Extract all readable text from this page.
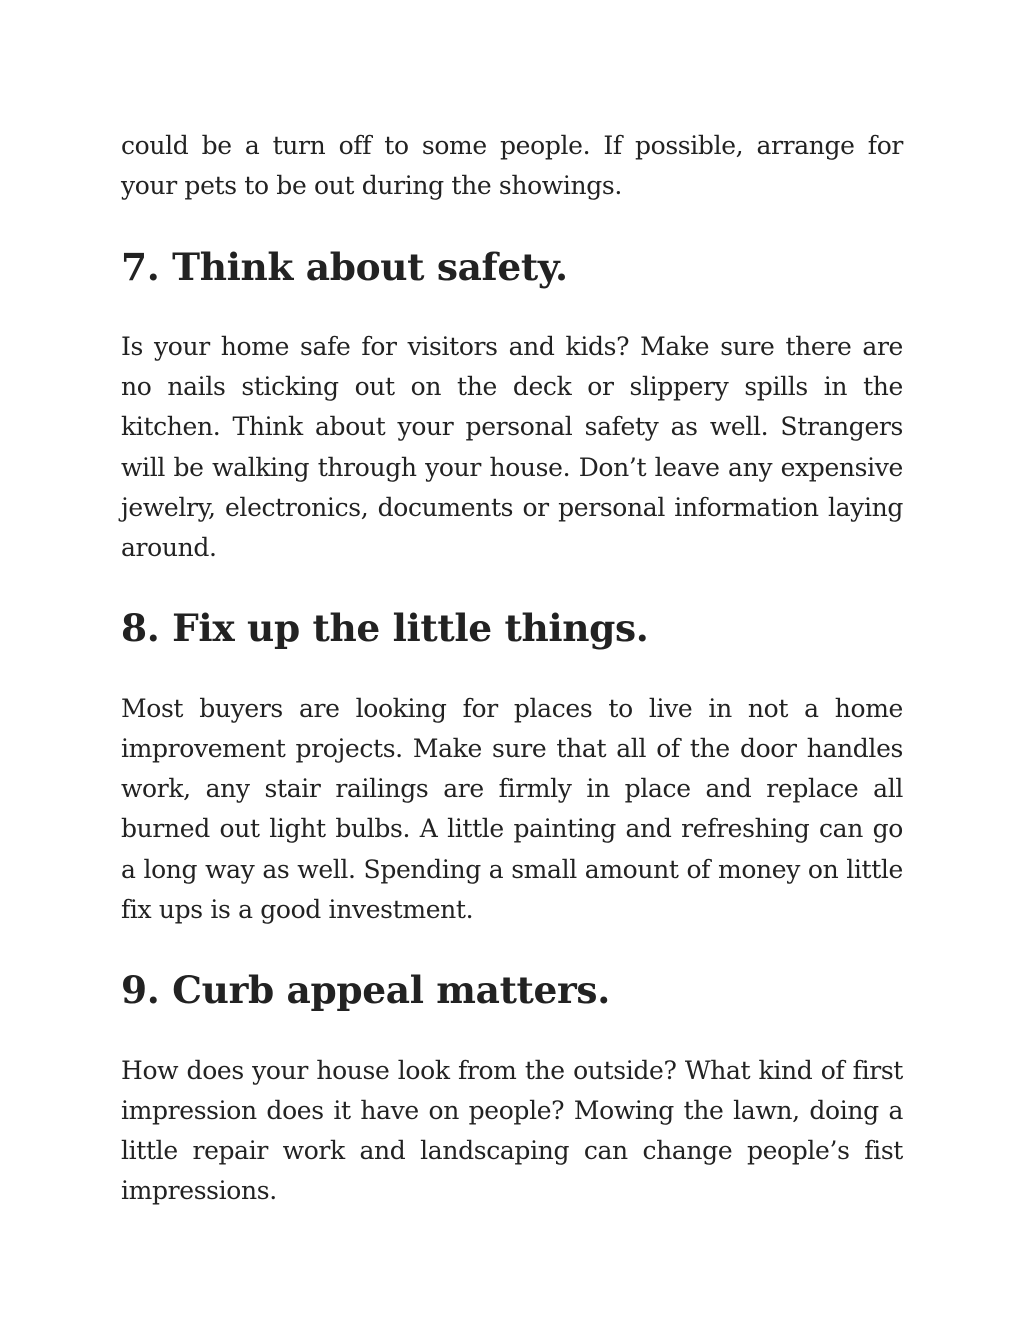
could be a turn off to some people. If possible, arrange for your pets to be out during the showings.

7. Think about safety.

Is your home safe for visitors and kids? Make sure there are no nails sticking out on the deck or slippery spills in the kitchen. Think about your personal safety as well. Strangers will be walking through your house. Don’t leave any expensive jewelry, electronics, documents or personal information laying around.

8. Fix up the little things.

Most buyers are looking for places to live in not a home improvement projects. Make sure that all of the door handles work, any stair railings are firmly in place and replace all burned out light bulbs. A little painting and refreshing can go a long way as well. Spending a small amount of money on little fix ups is a good investment.

9. Curb appeal matters.

How does your house look from the outside? What kind of first impression does it have on people? Mowing the lawn, doing a little repair work and landscaping can change people’s fist impressions.
